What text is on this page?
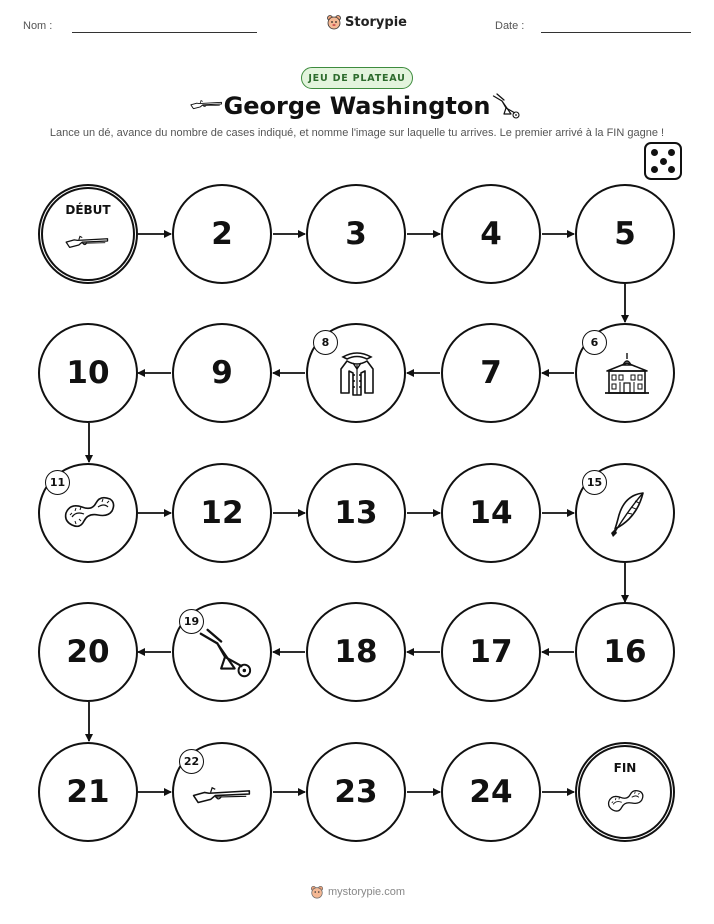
Nom :	Storypie	Date :
JEU DE PLATEAU
George Washington
Lance un dé, avance du nombre de cases indiqué, et nomme l'image sur laquelle tu arrives. Le premier arrivé à la FIN gagne !
DÉBUT
2	3	4	5
10	9
8
7
6
11
12	13	14
15
20
19
18	17	16
21
22
23	24
FIN
mystorypie.com
